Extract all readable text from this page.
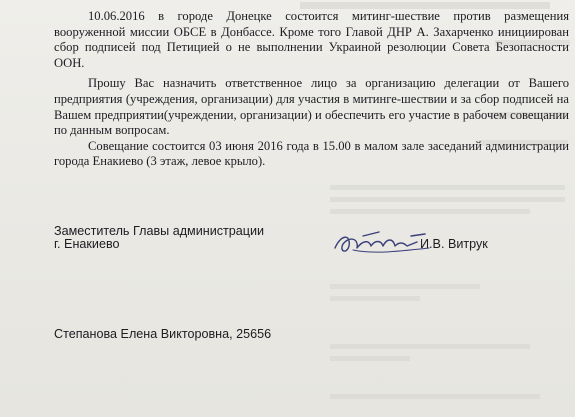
10.06.2016 в городе Донецке состоится митинг-шествие против размещения вооруженной миссии ОБСЕ в Донбассе. Кроме того Главой ДНР А. Захарченко инициирован сбор подписей под Петицией о не выполнении Украиной резолюции Совета Безопасности ООН.

Прошу Вас назначить ответственное лицо за организацию делегации от Вашего предприятия (учреждения, организации) для участия в митинге-шествии и за сбор подписей на Вашем предприятии(учреждении, организации) и обеспечить его участие в рабочем совещании по данным вопросам.

Совещание состоится 03 июня 2016 года в 15.00 в малом зале заседаний администрации города Енакиево (3 этаж, левое крыло).

Заместитель Главы администрации
г. Енакиево	И.В. Витрук
Степанова Елена Викторовна, 25656
